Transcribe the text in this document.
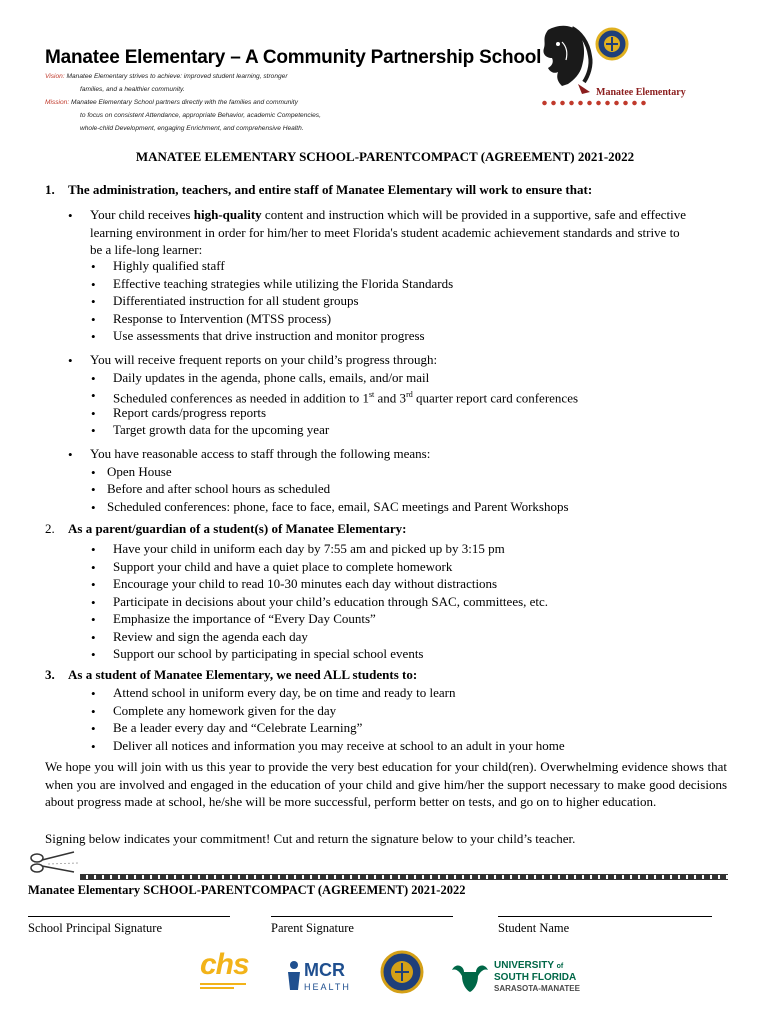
Manatee Elementary – A Community Partnership School
Vision: Manatee Elementary strives to achieve: improved student learning, stronger
families, and a healthier community.
Mission: Manatee Elementary School partners directly with the families and community
to focus on consistent Attendance, appropriate Behavior, academic Competencies,
whole-child Development, engaging Enrichment, and comprehensive Health.
Manatee Elementary
MANATEE ELEMENTARY SCHOOL-PARENTCOMPACT (AGREEMENT) 2021-2022
1. The administration, teachers, and entire staff of Manatee Elementary will work to ensure that:
• Your child receives high-quality content and instruction which will be provided in a supportive, safe and effective
learning environment in order for him/her to meet Florida's student academic achievement standards and strive to
be a life-long learner:
• Highly qualified staff
• Effective teaching strategies while utilizing the Florida Standards
• Differentiated instruction for all student groups
• Response to Intervention (MTSS process)
• Use assessments that drive instruction and monitor progress
• You will receive frequent reports on your child’s progress through:
• Daily updates in the agenda, phone calls, emails, and/or mail
• Scheduled conferences as needed in addition to 1st and 3rd quarter report card conferences
• Report cards/progress reports
• Target growth data for the upcoming year
• You have reasonable access to staff through the following means:
• Open House
• Before and after school hours as scheduled
• Scheduled conferences: phone, face to face, email, SAC meetings and Parent Workshops
2. As a parent/guardian of a student(s) of Manatee Elementary:
• Have your child in uniform each day by 7:55 am and picked up by 3:15 pm
• Support your child and have a quiet place to complete homework
• Encourage your child to read 10-30 minutes each day without distractions
• Participate in decisions about your child’s education through SAC, committees, etc.
• Emphasize the importance of “Every Day Counts”
• Review and sign the agenda each day
• Support our school by participating in special school events
3. As a student of Manatee Elementary, we need ALL students to:
• Attend school in uniform every day, be on time and ready to learn
• Complete any homework given for the day
• Be a leader every day and “Celebrate Learning”
• Deliver all notices and information you may receive at school to an adult in your home
We hope you will join with us this year to provide the very best education for your child(ren). Overwhelming evidence shows that when you are involved and engaged in the education of your child and give him/her the support necessary to make good decisions about progress made at school, he/she will be more successful, perform better on tests, and go on to higher education.
Signing below indicates your commitment! Cut and return the signature below to your child’s teacher.
Manatee Elementary SCHOOL-PARENTCOMPACT (AGREEMENT) 2021-2022
School Principal Signature	Parent Signature	Student Name
chs	MCR
HEALTH
UNIVERSITY of
SOUTH FLORIDA
SARASOTA-MANATEE
